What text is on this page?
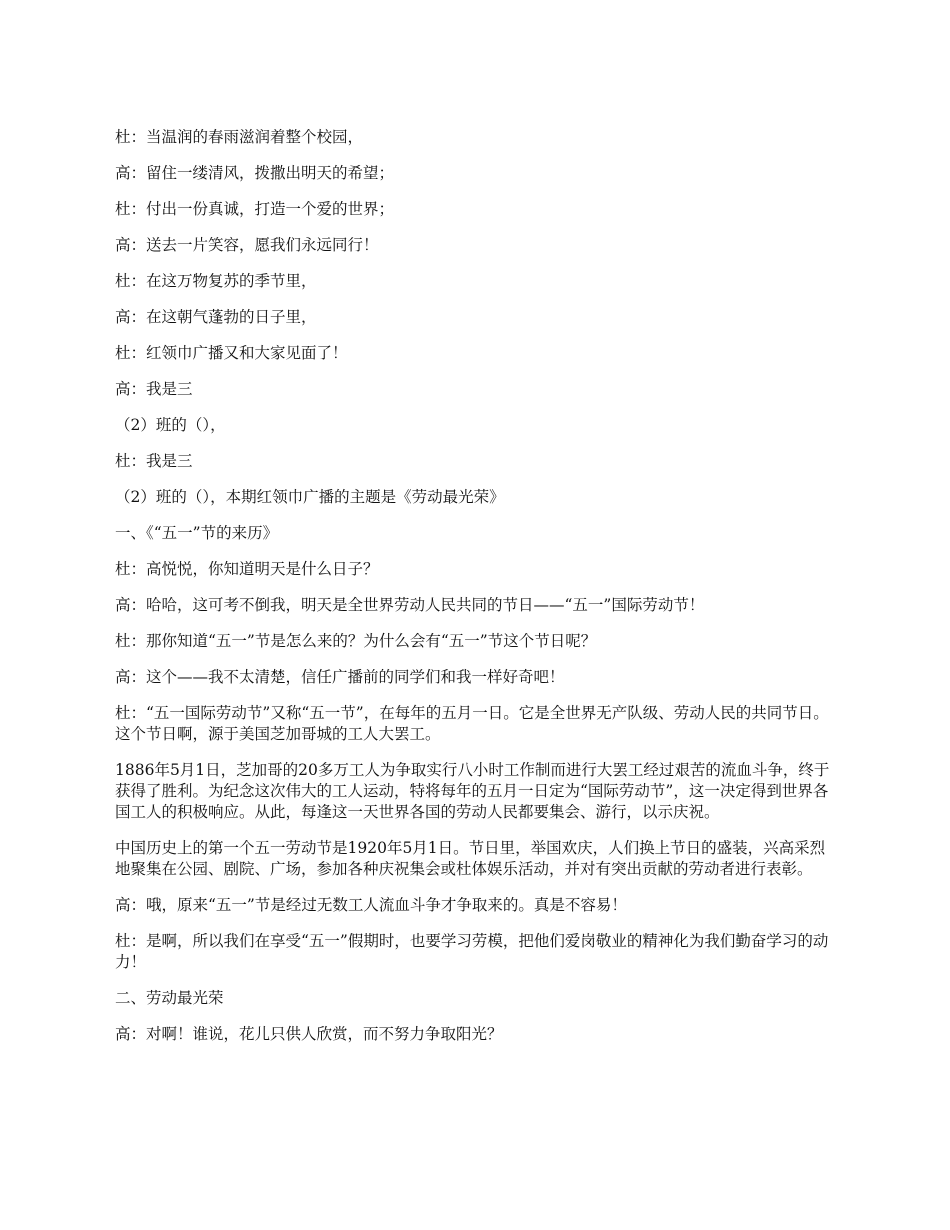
杜：当温润的春雨滋润着整个校园，

高：留住一缕清风，拨撒出明天的希望；

杜：付出一份真诚，打造一个爱的世界；

高：送去一片笑容，愿我们永远同行！

杜：在这万物复苏的季节里，

高：在这朝气蓬勃的日子里，

杜：红领巾广播又和大家见面了！

高：我是三

（2）班的（），

杜：我是三

（2）班的（），本期红领巾广播的主题是《劳动最光荣》

一、《“五一”节的来历》

杜：高悦悦，你知道明天是什么日子？

高：哈哈，这可考不倒我，明天是全世界劳动人民共同的节日——“五一”国际劳动节！

杜：那你知道“五一”节是怎么来的？为什么会有“五一”节这个节日呢？

高：这个——我不太清楚，信任广播前的同学们和我一样好奇吧！

杜：“五一国际劳动节”又称“五一节”，在每年的五月一日。它是全世界无产队级、劳动人民的共同节日。这个节日啊，源于美国芝加哥城的工人大罢工。

1886年5月1日，芝加哥的20多万工人为争取实行八小时工作制而进行大罢工经过艰苦的流血斗争，终于获得了胜利。为纪念这次伟大的工人运动，特将每年的五月一日定为“国际劳动节”，这一决定得到世界各国工人的积极响应。从此，每逢这一天世界各国的劳动人民都要集会、游行，以示庆祝。

中国历史上的第一个五一劳动节是1920年5月1日。节日里，举国欢庆，人们换上节日的盛装，兴高采烈地聚集在公园、剧院、广场，参加各种庆祝集会或杜体娱乐活动，并对有突出贡献的劳动者进行表彰。

高：哦，原来“五一”节是经过无数工人流血斗争才争取来的。真是不容易！

杜：是啊，所以我们在享受“五一”假期时，也要学习劳模，把他们爱岗敬业的精神化为我们勤奋学习的动力！

二、劳动最光荣

高：对啊！谁说，花儿只供人欣赏，而不努力争取阳光？
